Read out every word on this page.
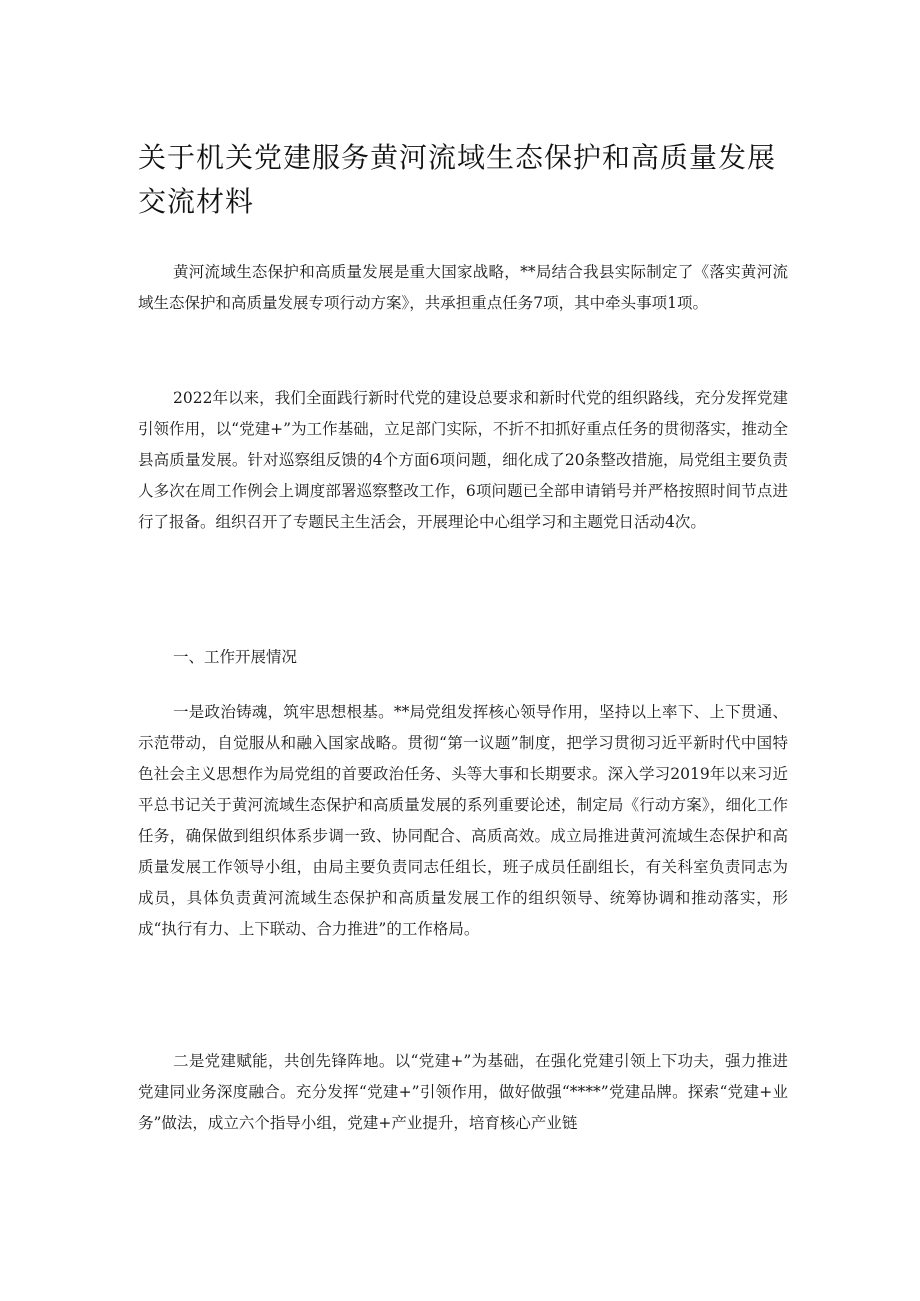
关于机关党建服务黄河流域生态保护和高质量发展
交流材料

黄河流域生态保护和高质量发展是重大国家战略，**局结合我县实际制定了《落实黄河流域生态保护和高质量发展专项行动方案》，共承担重点任务7项，其中牵头事项1项。

2022年以来，我们全面践行新时代党的建设总要求和新时代党的组织路线，充分发挥党建引领作用，以“党建+”为工作基础，立足部门实际，不折不扣抓好重点任务的贯彻落实，推动全县高质量发展。针对巡察组反馈的4个方面6项问题，细化成了20条整改措施，局党组主要负责人多次在周工作例会上调度部署巡察整改工作，6项问题已全部申请销号并严格按照时间节点进行了报备。组织召开了专题民主生活会，开展理论中心组学习和主题党日活动4次。

一、工作开展情况

一是政治铸魂，筑牢思想根基。**局党组发挥核心领导作用，坚持以上率下、上下贯通、示范带动，自觉服从和融入国家战略。贯彻“第一议题”制度，把学习贯彻习近平新时代中国特色社会主义思想作为局党组的首要政治任务、头等大事和长期要求。深入学习2019年以来习近平总书记关于黄河流域生态保护和高质量发展的系列重要论述，制定局《行动方案》，细化工作任务，确保做到组织体系步调一致、协同配合、高质高效。成立局推进黄河流域生态保护和高质量发展工作领导小组，由局主要负责同志任组长，班子成员任副组长，有关科室负责同志为成员，具体负责黄河流域生态保护和高质量发展工作的组织领导、统筹协调和推动落实，形成“执行有力、上下联动、合力推进”的工作格局。

二是党建赋能，共创先锋阵地。以“党建+”为基础，在强化党建引领上下功夫，强力推进党建同业务深度融合。充分发挥“党建+”引领作用，做好做强“****”党建品牌。探索“党建+业务”做法，成立六个指导小组，党建+产业提升，培育核心产业链
